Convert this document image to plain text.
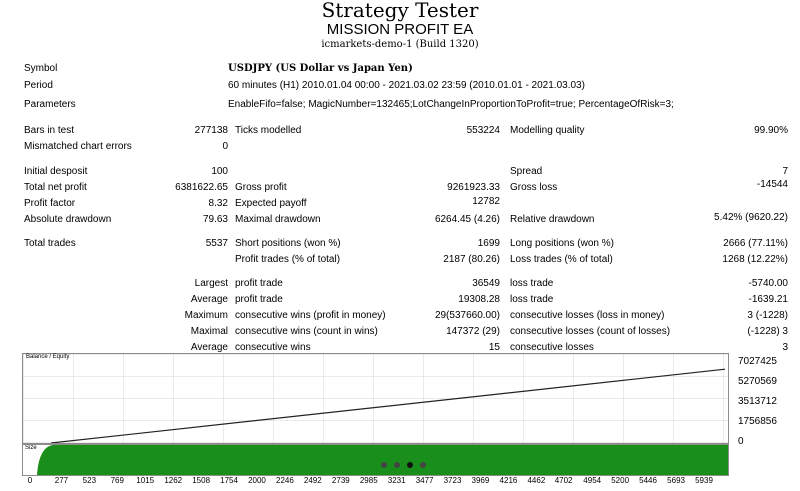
Strategy Tester
MISSION PROFIT EA
icmarkets-demo-1 (Build 1320)
Symbol	USDJPY (US Dollar vs Japan Yen)
Period	60 minutes (H1) 2010.01.04 00:00 - 2021.03.02 23:59 (2010.01.01 - 2021.03.03)
Parameters	EnableFifo=false; MagicNumber=132465;LotChangeInProportionToProfit=true; PercentageOfRisk=3;
Bars in test	277138 Ticks modelled	553224 Modelling quality	99.90%
Mismatched chart errors	0
Initial desposit	100	Spread	7
Total net profit	6381622.65 Gross profit	9261923.33 Gross loss	-14544
Profit factor	8.32 Expected payoff	12782
Absolute drawdown	79.63 Maximal drawdown	6264.45 (4.26) Relative drawdown	5.42% (9620.22)
Total trades	5537 Short positions (won %)	1699 Long positions (won %)	2666 (77.11%)
Profit trades (% of total)	2187 (80.26) Loss trades (% of total)	1268 (12.22%)
Largest profit trade	36549 loss trade	-5740.00
Average profit trade	19308.28 loss trade	-1639.21
Maximum consecutive wins (profit in money)	29(537660.00) consecutive losses (loss in money)	3 (-1228)
Maximal consecutive wins (count in wins)	147372 (29) consecutive losses (count of losses)	(-1228) 3
Average consecutive wins	15 consecutive losses	3
Balance / Equity	7027425
5270569
3513712
1756856
0
Size
0	277 523 769 1015 1262 1508 1754 2000 2246 2492 2739 2985 3231 3477 3723 3969 4216 4462 4702 4954 5200 5446 5693 5939
